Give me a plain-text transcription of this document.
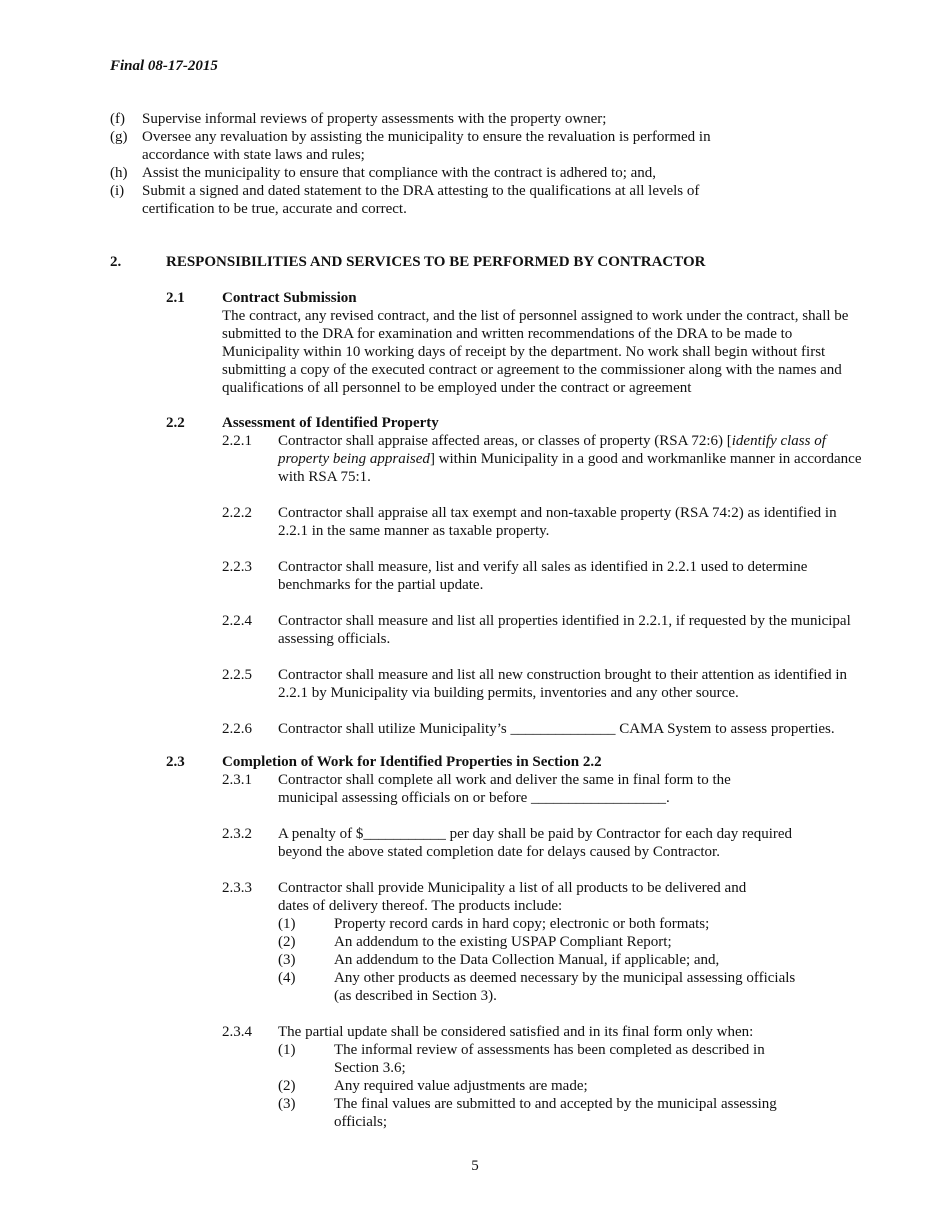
Final 08-17-2015
(f)	Supervise informal reviews of property assessments with the property owner;
(g) Oversee any revaluation by assisting the municipality to ensure the revaluation is performed in accordance with state laws and rules;
(h) Assist the municipality to ensure that compliance with the contract is adhered to; and,
(i)	Submit a signed and dated statement to the DRA attesting to the qualifications at all levels of certification to be true, accurate and correct.
2.	RESPONSIBILITIES AND SERVICES TO BE PERFORMED BY CONTRACTOR
2.1	Contract Submission
The contract, any revised contract, and the list of personnel assigned to work under the contract, shall be submitted to the DRA for examination and written recommendations of the DRA to be made to Municipality within 10 working days of receipt by the department. No work shall begin without first submitting a copy of the executed contract or agreement to the commissioner along with the names and qualifications of all personnel to be employed under the contract or agreement
2.2	Assessment of Identified Property
2.2.1	Contractor shall appraise affected areas, or classes of property (RSA 72:6) [identify class of property being appraised] within Municipality in a good and workmanlike manner in accordance with RSA 75:1.
2.2.2	Contractor shall appraise all tax exempt and non-taxable property (RSA 74:2) as identified in 2.2.1 in the same manner as taxable property.
2.2.3	Contractor shall measure, list and verify all sales as identified in 2.2.1 used to determine benchmarks for the partial update.
2.2.4	Contractor shall measure and list all properties identified in 2.2.1, if requested by the municipal assessing officials.
2.2.5	Contractor shall measure and list all new construction brought to their attention as identified in 2.2.1 by Municipality via building permits, inventories and any other source.
2.2.6	Contractor shall utilize Municipality’s ______________ CAMA System to assess properties.
2.3	Completion of Work for Identified Properties in Section 2.2
2.3.1	Contractor shall complete all work and deliver the same in final form to the municipal assessing officials on or before __________________.
2.3.2	A penalty of $___________ per day shall be paid by Contractor for each day required beyond the above stated completion date for delays caused by Contractor.
2.3.3	Contractor shall provide Municipality a list of all products to be delivered and dates of delivery thereof. The products include:
(1)	Property record cards in hard copy; electronic or both formats;
(2)	An addendum to the existing USPAP Compliant Report;
(3)	An addendum to the Data Collection Manual, if applicable; and,
(4)	Any other products as deemed necessary by the municipal assessing officials (as described in Section 3).
2.3.4	The partial update shall be considered satisfied and in its final form only when:
(1)	The informal review of assessments has been completed as described in Section 3.6;
(2)	Any required value adjustments are made;
(3)	The final values are submitted to and accepted by the municipal assessing officials;
5
